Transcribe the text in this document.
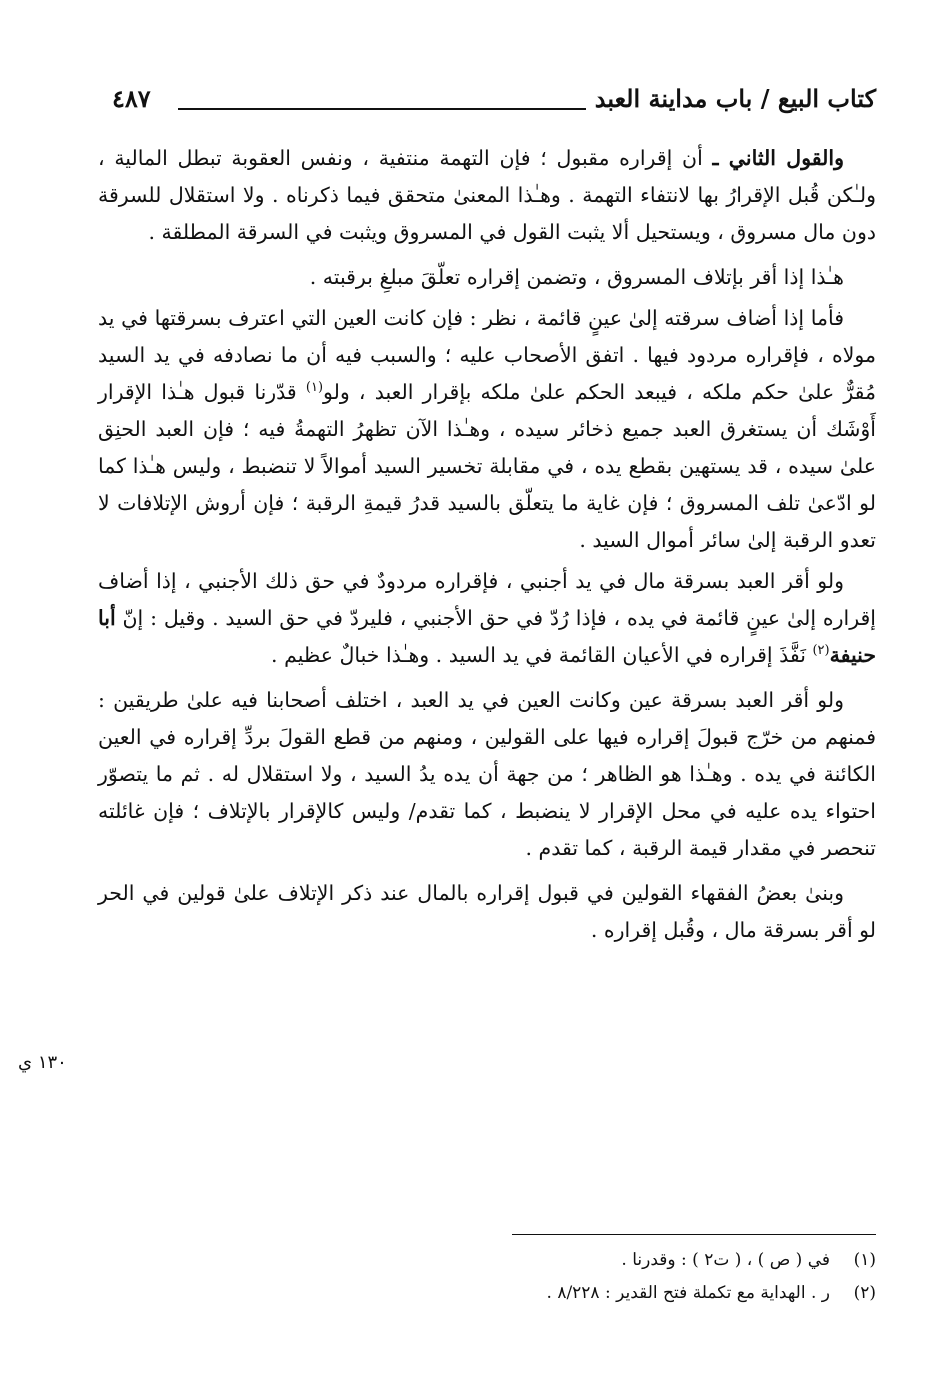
كتاب البيع / باب مداينة العبد
٤٨٧

والقول الثاني ـ أن إقراره مقبول ؛ فإن التهمة منتفية ، ونفس العقوبة تبطل المالية ، ولـٰكن قُبل الإقرارُ بها لانتفاء التهمة . وهـٰذا المعنىٰ متحقق فيما ذكرناه . ولا استقلال للسرقة دون مال مسروق ، ويستحيل ألا يثبت القول في المسروق ويثبت في السرقة المطلقة .

هـٰذا إذا أقر بإتلاف المسروق ، وتضمن إقراره تعلّقَ مبلغِ برقبته .

فأما إذا أضاف سرقته إلىٰ عينٍ قائمة ، نظر : فإن كانت العين التي اعترف بسرقتها في يد مولاه ، فإقراره مردود فيها . اتفق الأصحاب عليه ؛ والسبب فيه أن ما نصادفه في يد السيد مُقرٌّ علىٰ حكم ملكه ، فيبعد الحكم علىٰ ملكه بإقرار العبد ، ولو$^{(١)}$ قدّرنا قبول هـٰذا الإقرار أَوْشَك أن يستغرق العبد جميع ذخائر سيده ، وهـٰذا الآن تظهرُ التهمةُ فيه ؛ فإن العبد الحنِق علىٰ سيده ، قد يستهين بقطع يده ، في مقابلة تخسير السيد أموالاً لا تنضبط ، وليس هـٰذا كما لو ادّعىٰ تلف المسروق ؛ فإن غاية ما يتعلّق بالسيد قدرُ قيمةِ الرقبة ؛ فإن أروش الإتلافات لا تعدو الرقبة إلىٰ سائر أموال السيد .

ولو أقر العبد بسرقة مال في يد أجنبي ، فإقراره مردودٌ في حق ذلك الأجنبي ، إذا أضاف إقراره إلىٰ عينٍ قائمة في يده ، فإذا رُدّ في حق الأجنبي ، فليردّ في حق السيد . وقيل : إنّ أبا حنيفة$^{(٢)}$ نَفَّذَ إقراره في الأعيان القائمة في يد السيد . وهـٰذا خبالٌ عظيم .

ولو أقر العبد بسرقة عين وكانت العين في يد العبد ، اختلف أصحابنا فيه علىٰ طريقين : فمنهم من خرّج قبولَ إقراره فيها على القولين ، ومنهم من قطع القولَ بردِّ إقراره في العين الكائنة في يده . وهـٰذا هو الظاهر ؛ من جهة أن يده يدُ السيد ، ولا استقلال له . ثم ما يتصوّر احتواء يده عليه في محل الإقرار لا ينضبط ، كما تقدم/ وليس كالإقرار بالإتلاف ؛ فإن غائلته تنحصر في مقدار قيمة الرقبة ، كما تقدم .

وبنىٰ بعضُ الفقهاء القولين في قبول إقراره بالمال عند ذكر الإتلاف علىٰ قولين في الحر لو أقر بسرقة مال ، وقُبل إقراره .

١٣٠ ي
(١)
في ( ص ) ، ( ت٢ ) : وقدرنا .
(٢)
ر . الهداية مع تكملة فتح القدير : ٨/٢٢٨ .
